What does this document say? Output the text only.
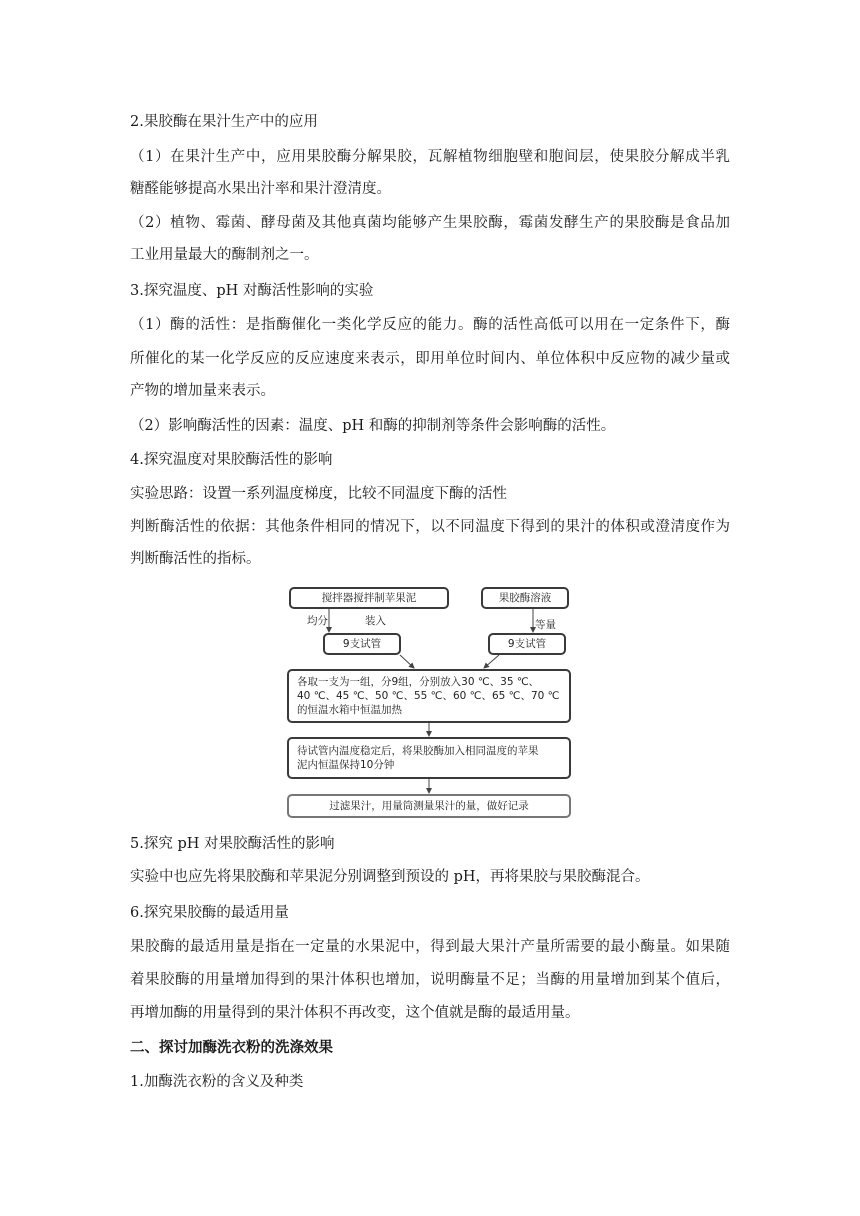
2.果胶酶在果汁生产中的应用
（1）在果汁生产中，应用果胶酶分解果胶，瓦解植物细胞壁和胞间层，使果胶分解成半乳
糖醛能够提高水果出汁率和果汁澄清度。
（2）植物、霉菌、酵母菌及其他真菌均能够产生果胶酶，霉菌发酵生产的果胶酶是食品加
工业用量最大的酶制剂之一。
3.探究温度、pH 对酶活性影响的实验
（1）酶的活性：是指酶催化一类化学反应的能力。酶的活性高低可以用在一定条件下，酶
所催化的某一化学反应的反应速度来表示，即用单位时间内、单位体积中反应物的减少量或
产物的增加量来表示。
（2）影响酶活性的因素：温度、pH 和酶的抑制剂等条件会影响酶的活性。
4.探究温度对果胶酶活性的影响
实验思路：设置一系列温度梯度，比较不同温度下酶的活性
判断酶活性的依据：其他条件相同的情况下，以不同温度下得到的果汁的体积或澄清度作为
判断酶活性的指标。
搅拌器搅拌制苹果泥	果胶酶溶液
均分	装入	等量
9支试管	9支试管
各取一支为一组，分9组，分别放入30 ℃、35 ℃、
40 ℃、45 ℃、50 ℃、55 ℃、60 ℃、65 ℃、70 ℃
的恒温水箱中恒温加热
待试管内温度稳定后，将果胶酶加入相同温度的苹果
泥内恒温保持10分钟
过滤果汁，用量筒测量果汁的量，做好记录
5.探究 pH 对果胶酶活性的影响
实验中也应先将果胶酶和苹果泥分别调整到预设的 pH，再将果胶与果胶酶混合。
6.探究果胶酶的最适用量
果胶酶的最适用量是指在一定量的水果泥中，得到最大果汁产量所需要的最小酶量。如果随
着果胶酶的用量增加得到的果汁体积也增加，说明酶量不足；当酶的用量增加到某个值后，
再增加酶的用量得到的果汁体积不再改变，这个值就是酶的最适用量。
二、探讨加酶洗衣粉的洗涤效果
1.加酶洗衣粉的含义及种类
